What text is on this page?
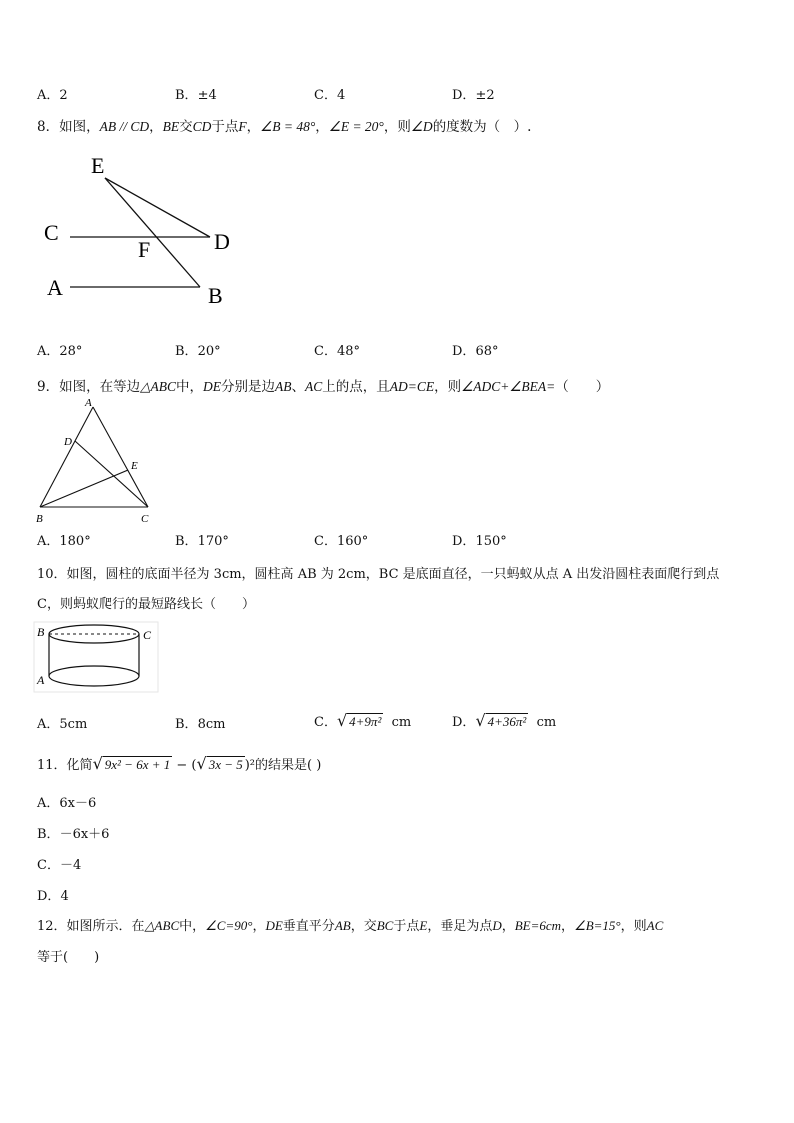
A．2	B．±4	C．4	D．±2
8．如图，AB // CD，BE交CD于点F，∠B = 48°，∠E = 20°，则∠D的度数为（　）.
E
C	D
F
A	B
A．28°	B．20°	C．48°	D．68°
9．如图，在等边△ABC中，DE分别是边AB、AC上的点，且AD=CE，则∠ADC+∠BEA=（　　）
A
D
E
B	C
A．180°	B．170°	C．160°	D．150°
10．如图，圆柱的底面半径为 3cm，圆柱高 AB 为 2cm，BC 是底面直径，一只蚂蚁从点 A 出发沿圆柱表面爬行到点
C，则蚂蚁爬行的最短路线长（　　）
B	C
A
A．5cm	B．8cm	C．√ 4+9π² cm	D．√ 4+36π² cm
11．化简√ 9x² − 6x + 1 − (√ 3x − 5 )²的结果是( )
A．6x－6
B．－6x＋6
C．－4
D．4
12．如图所示．在△ABC中，∠C=90°，DE垂直平分AB，交BC于点E，垂足为点D，BE=6cm，∠B=15°，则AC
等于(　　)
